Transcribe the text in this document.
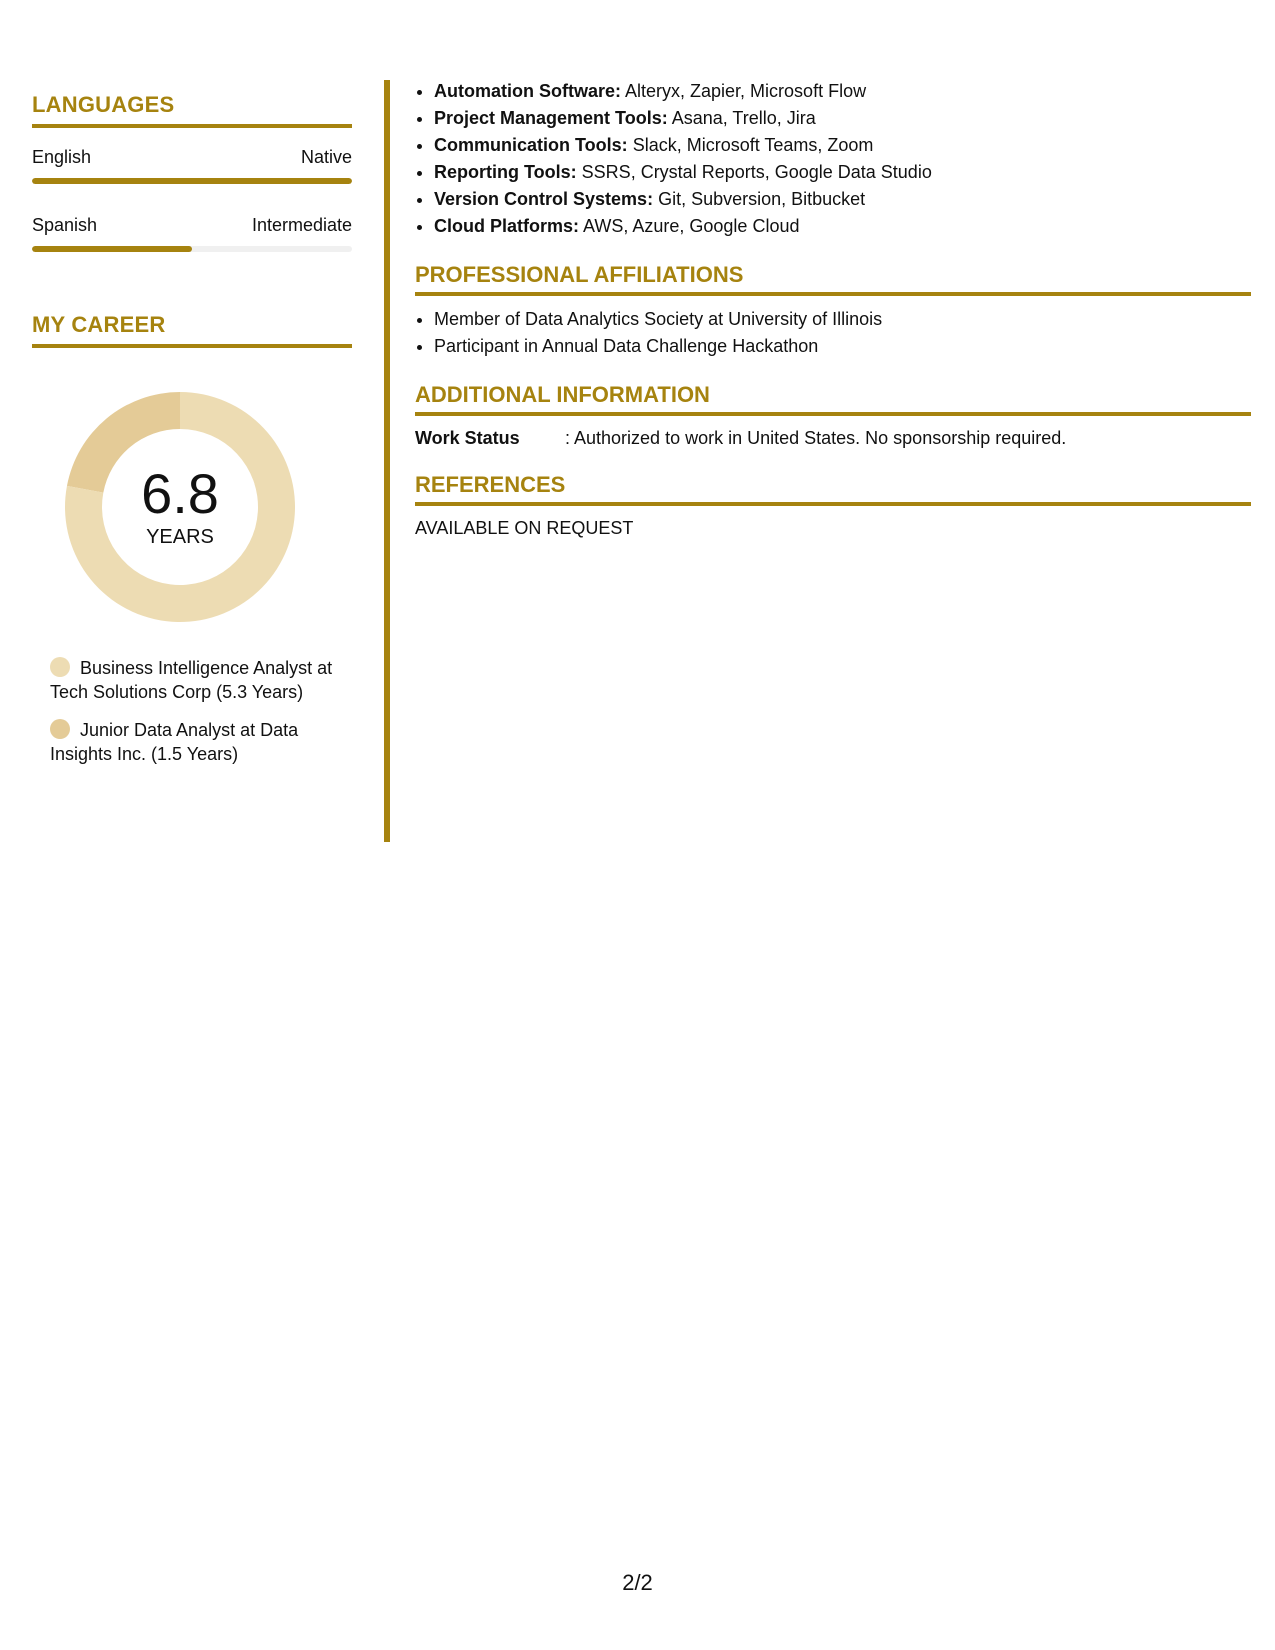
LANGUAGES
English	Native
Spanish	Intermediate
MY CAREER
6.8
YEARS
Business Intelligence Analyst at Tech Solutions Corp (5.3 Years)
Junior Data Analyst at Data Insights Inc. (1.5 Years)
• Automation Software: Alteryx, Zapier, Microsoft Flow
• Project Management Tools: Asana, Trello, Jira
• Communication Tools: Slack, Microsoft Teams, Zoom
• Reporting Tools: SSRS, Crystal Reports, Google Data Studio
• Version Control Systems: Git, Subversion, Bitbucket
• Cloud Platforms: AWS, Azure, Google Cloud
PROFESSIONAL AFFILIATIONS
• Member of Data Analytics Society at University of Illinois
• Participant in Annual Data Challenge Hackathon
ADDITIONAL INFORMATION
Work Status	: Authorized to work in United States. No sponsorship required.
REFERENCES
AVAILABLE ON REQUEST
2/2
